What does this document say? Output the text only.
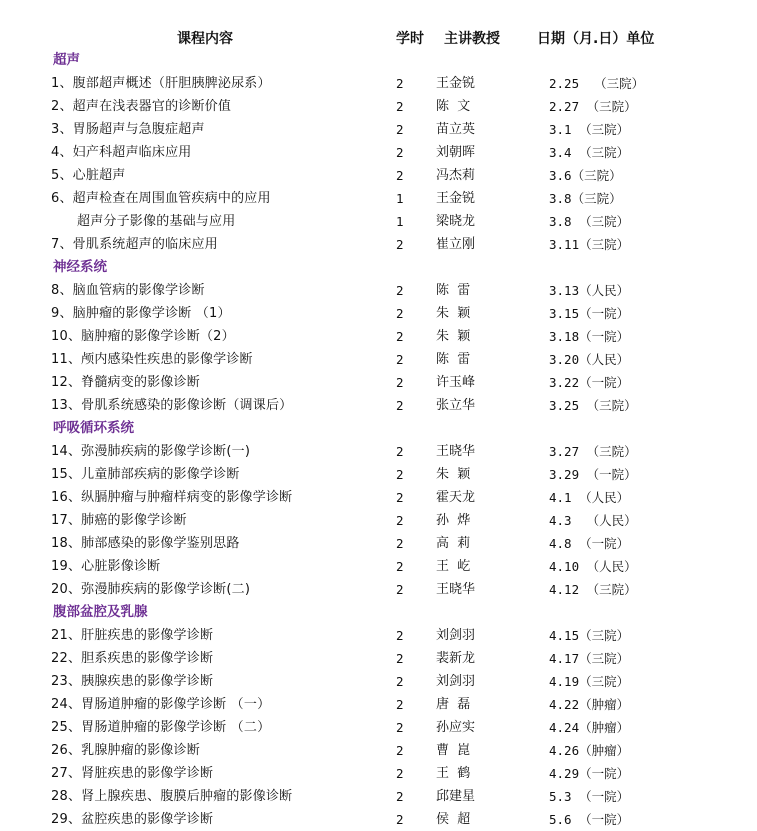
课程内容	学时 主讲教授	日期（月.日）单位
超声
1、腹部超声概述（肝胆胰脾泌尿系）	2 王金锐	2.25  （三院）
2、超声在浅表器官的诊断价值	2 陈  文	2.27 （三院）
3、胃肠超声与急腹症超声	2 苗立英	3.1 （三院）
4、妇产科超声临床应用	2 刘朝晖	3.4 （三院）
5、心脏超声	2 冯杰莉	3.6（三院）
6、超声检查在周围血管疾病中的应用	1 王金锐	3.8（三院）
超声分子影像的基础与应用	1 梁晓龙	3.8 （三院）
7、骨肌系统超声的临床应用	2 崔立刚	3.11（三院）
神经系统
8、脑血管病的影像学诊断	2 陈  雷	3.13（人民）
9、脑肿瘤的影像学诊断 （1）	2 朱  颖	3.15（一院）
10、脑肿瘤的影像学诊断（2）	2 朱  颖	3.18（一院）
11、颅内感染性疾患的影像学诊断	2 陈  雷	3.20（人民）
12、脊髓病变的影像诊断	2 许玉峰	3.22（一院）
13、骨肌系统感染的影像诊断（调课后）	2 张立华	3.25 （三院）
呼吸循环系统
14、弥漫肺疾病的影像学诊断(一)	2 王晓华	3.27 （三院）
15、儿童肺部疾病的影像学诊断	2 朱  颖	3.29 （一院）
16、纵膈肿瘤与肿瘤样病变的影像学诊断	2 霍天龙	4.1 （人民）
17、肺癌的影像学诊断	2 孙  烨	4.3  （人民）
18、肺部感染的影像学鉴别思路	2 高  莉	4.8 （一院）
19、心脏影像诊断	2 王  屹	4.10 （人民）
20、弥漫肺疾病的影像学诊断(二)	2 王晓华	4.12 （三院）
腹部盆腔及乳腺
21、肝脏疾患的影像学诊断	2 刘剑羽	4.15（三院）
22、胆系疾患的影像学诊断	2 裴新龙	4.17（三院）
23、胰腺疾患的影像学诊断	2 刘剑羽	4.19（三院）
24、胃肠道肿瘤的影像学诊断 （一）	2 唐  磊	4.22（肿瘤）
25、胃肠道肿瘤的影像学诊断 （二）	2 孙应实	4.24（肿瘤）
26、乳腺肿瘤的影像诊断	2 曹  崑	4.26（肿瘤）
27、肾脏疾患的影像学诊断	2 王  鹤	4.29（一院）
28、肾上腺疾患、腹膜后肿瘤的影像诊断	2 邱建星	5.3 （一院）
29、盆腔疾患的影像学诊断	2 侯  超	5.6 （一院）
